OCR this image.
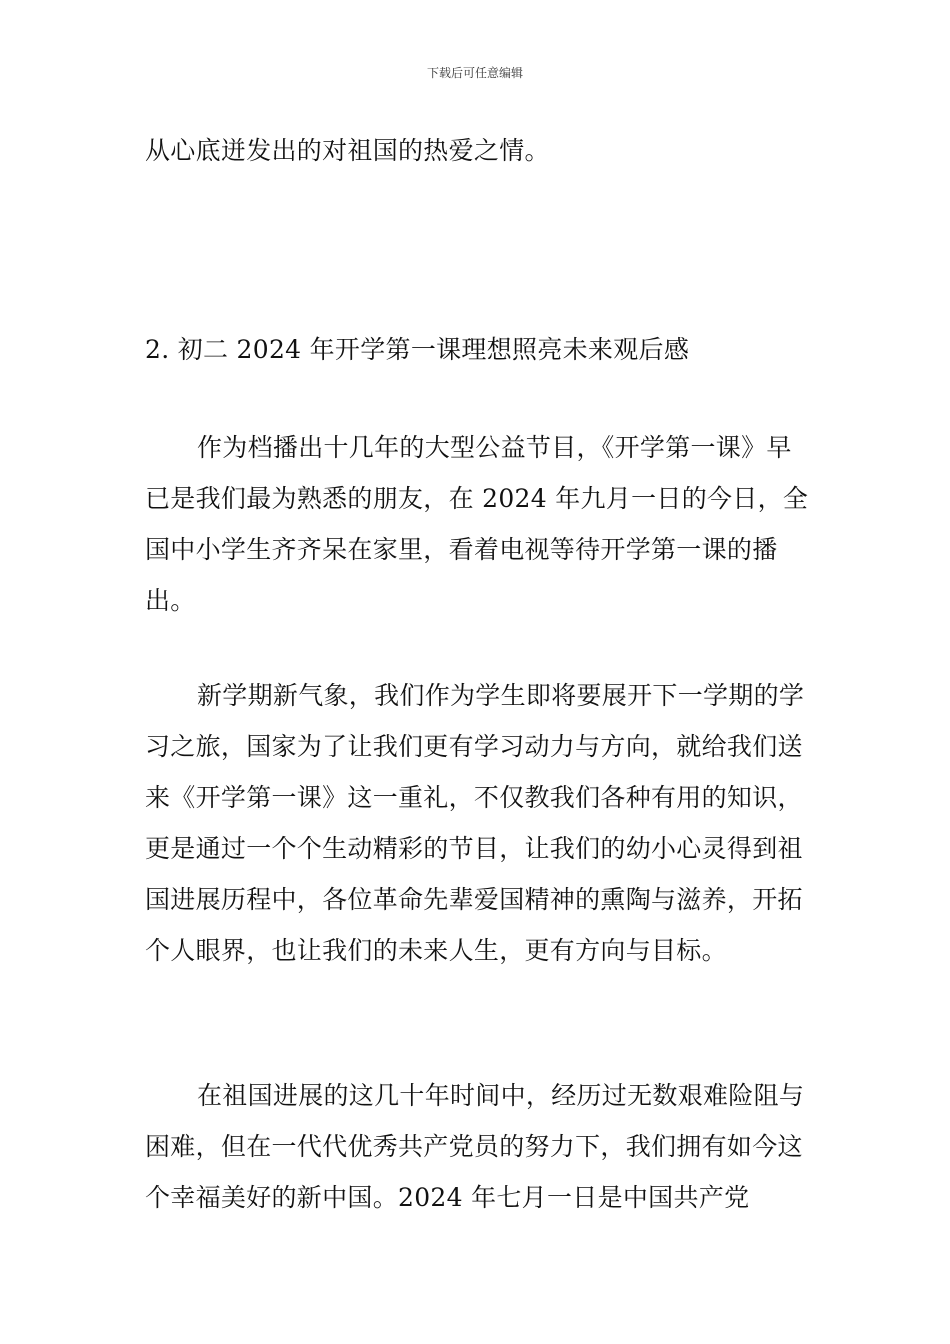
下载后可任意编辑

从心底迸发出的对祖国的热爱之情。

2. 初二 2024 年开学第一课理想照亮未来观后感

作为档播出十几年的大型公益节目，《开学第一课》早已是我们最为熟悉的朋友，在 2024 年九月一日的今日，全国中小学生齐齐呆在家里，看着电视等待开学第一课的播出。

新学期新气象，我们作为学生即将要展开下一学期的学习之旅，国家为了让我们更有学习动力与方向，就给我们送来《开学第一课》这一重礼，不仅教我们各种有用的知识，更是通过一个个生动精彩的节目，让我们的幼小心灵得到祖国进展历程中，各位革命先辈爱国精神的熏陶与滋养，开拓个人眼界，也让我们的未来人生，更有方向与目标。

在祖国进展的这几十年时间中，经历过无数艰难险阻与困难，但在一代代优秀共产党员的努力下，我们拥有如今这个幸福美好的新中国。2024 年七月一日是中国共产党
